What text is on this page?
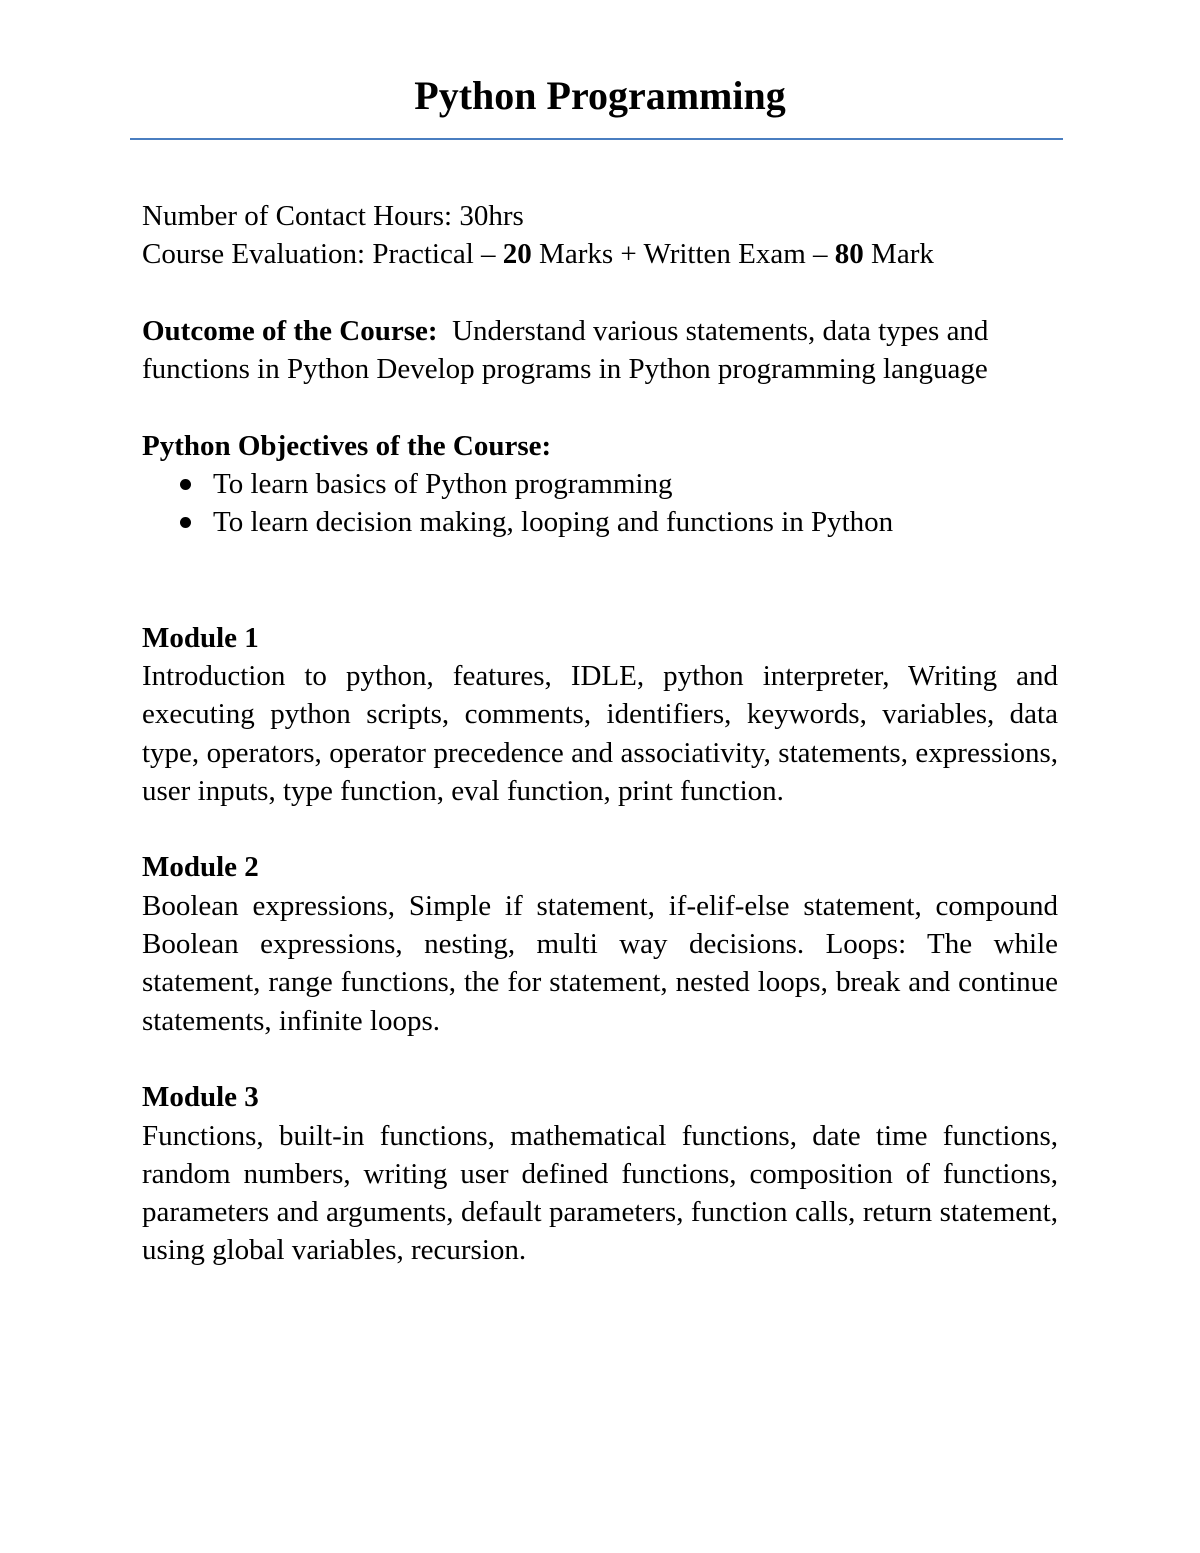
Python Programming

Number of Contact Hours: 30hrs

Course Evaluation: Practical – 20 Marks + Written Exam – 80 Mark

Outcome of the Course:  Understand various statements, data types and functions in Python Develop programs in Python programming language

Python Objectives of the Course:

To learn basics of Python programming
To learn decision making, looping and functions in Python

Module 1

Introduction to python, features, IDLE, python interpreter, Writing and executing python scripts, comments, identifiers, keywords, variables, data type, operators, operator precedence and associativity, statements, expressions, user inputs, type function, eval function, print function.

Module 2

Boolean expressions, Simple if statement, if-elif-else statement, compound Boolean expressions, nesting, multi way decisions. Loops: The while statement, range functions, the for statement, nested loops, break and continue statements, infinite loops.

Module 3

Functions, built-in functions, mathematical functions, date time functions, random numbers, writing user defined functions, composition of functions, parameters and arguments, default parameters, function calls, return statement, using global variables, recursion.
